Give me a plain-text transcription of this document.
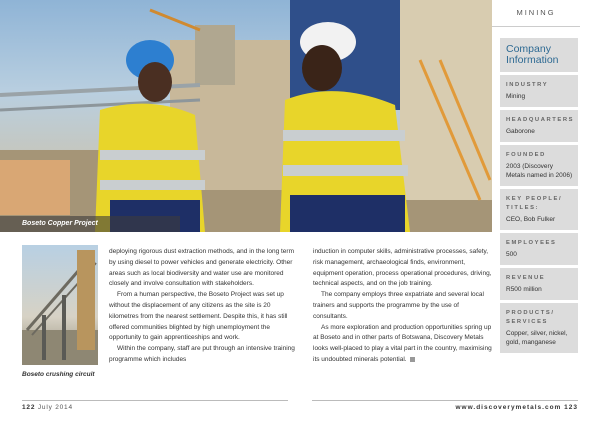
Boseto Copper Project
MINING
Company Information
INDUSTRY
Mining
HEADQUARTERS
Gaborone
FOUNDED
2003 (Discovery Metals named in 2006)
KEY PEOPLE/ TITLES:
CEO, Bob Fulker
EMPLOYEES
500
REVENUE
R500 million
PRODUCTS/ SERVICES
Copper, silver, nickel, gold, manganese
Boseto crushing circuit

deploying rigorous dust extraction methods, and in the long term by using diesel to power vehicles and generate electricity. Other areas such as local biodiversity and water use are monitored closely and involve consultation with stakeholders.

From a human perspective, the Boseto Project was set up without the displacement of any citizens as the site is 20 kilometres from the nearest settlement. Despite this, it has still offered communities blighted by high unemployment the opportunity to gain apprenticeships and work.

Within the company, staff are put through an intensive training programme which includes

induction in computer skills, administrative processes, safety, risk management, archaeological finds, environment, equipment operation, process operational procedures, driving, technical aspects, and on the job training.

The company employs three expatriate and several local trainers and supports the programme by the use of consultants.

As more exploration and production opportunities spring up at Boseto and in other parts of Botswana, Discovery Metals looks well-placed to play a vital part in the country, maximising its undoubted minerals potential.

122 July 2014	www.discoverymetals.com 123
